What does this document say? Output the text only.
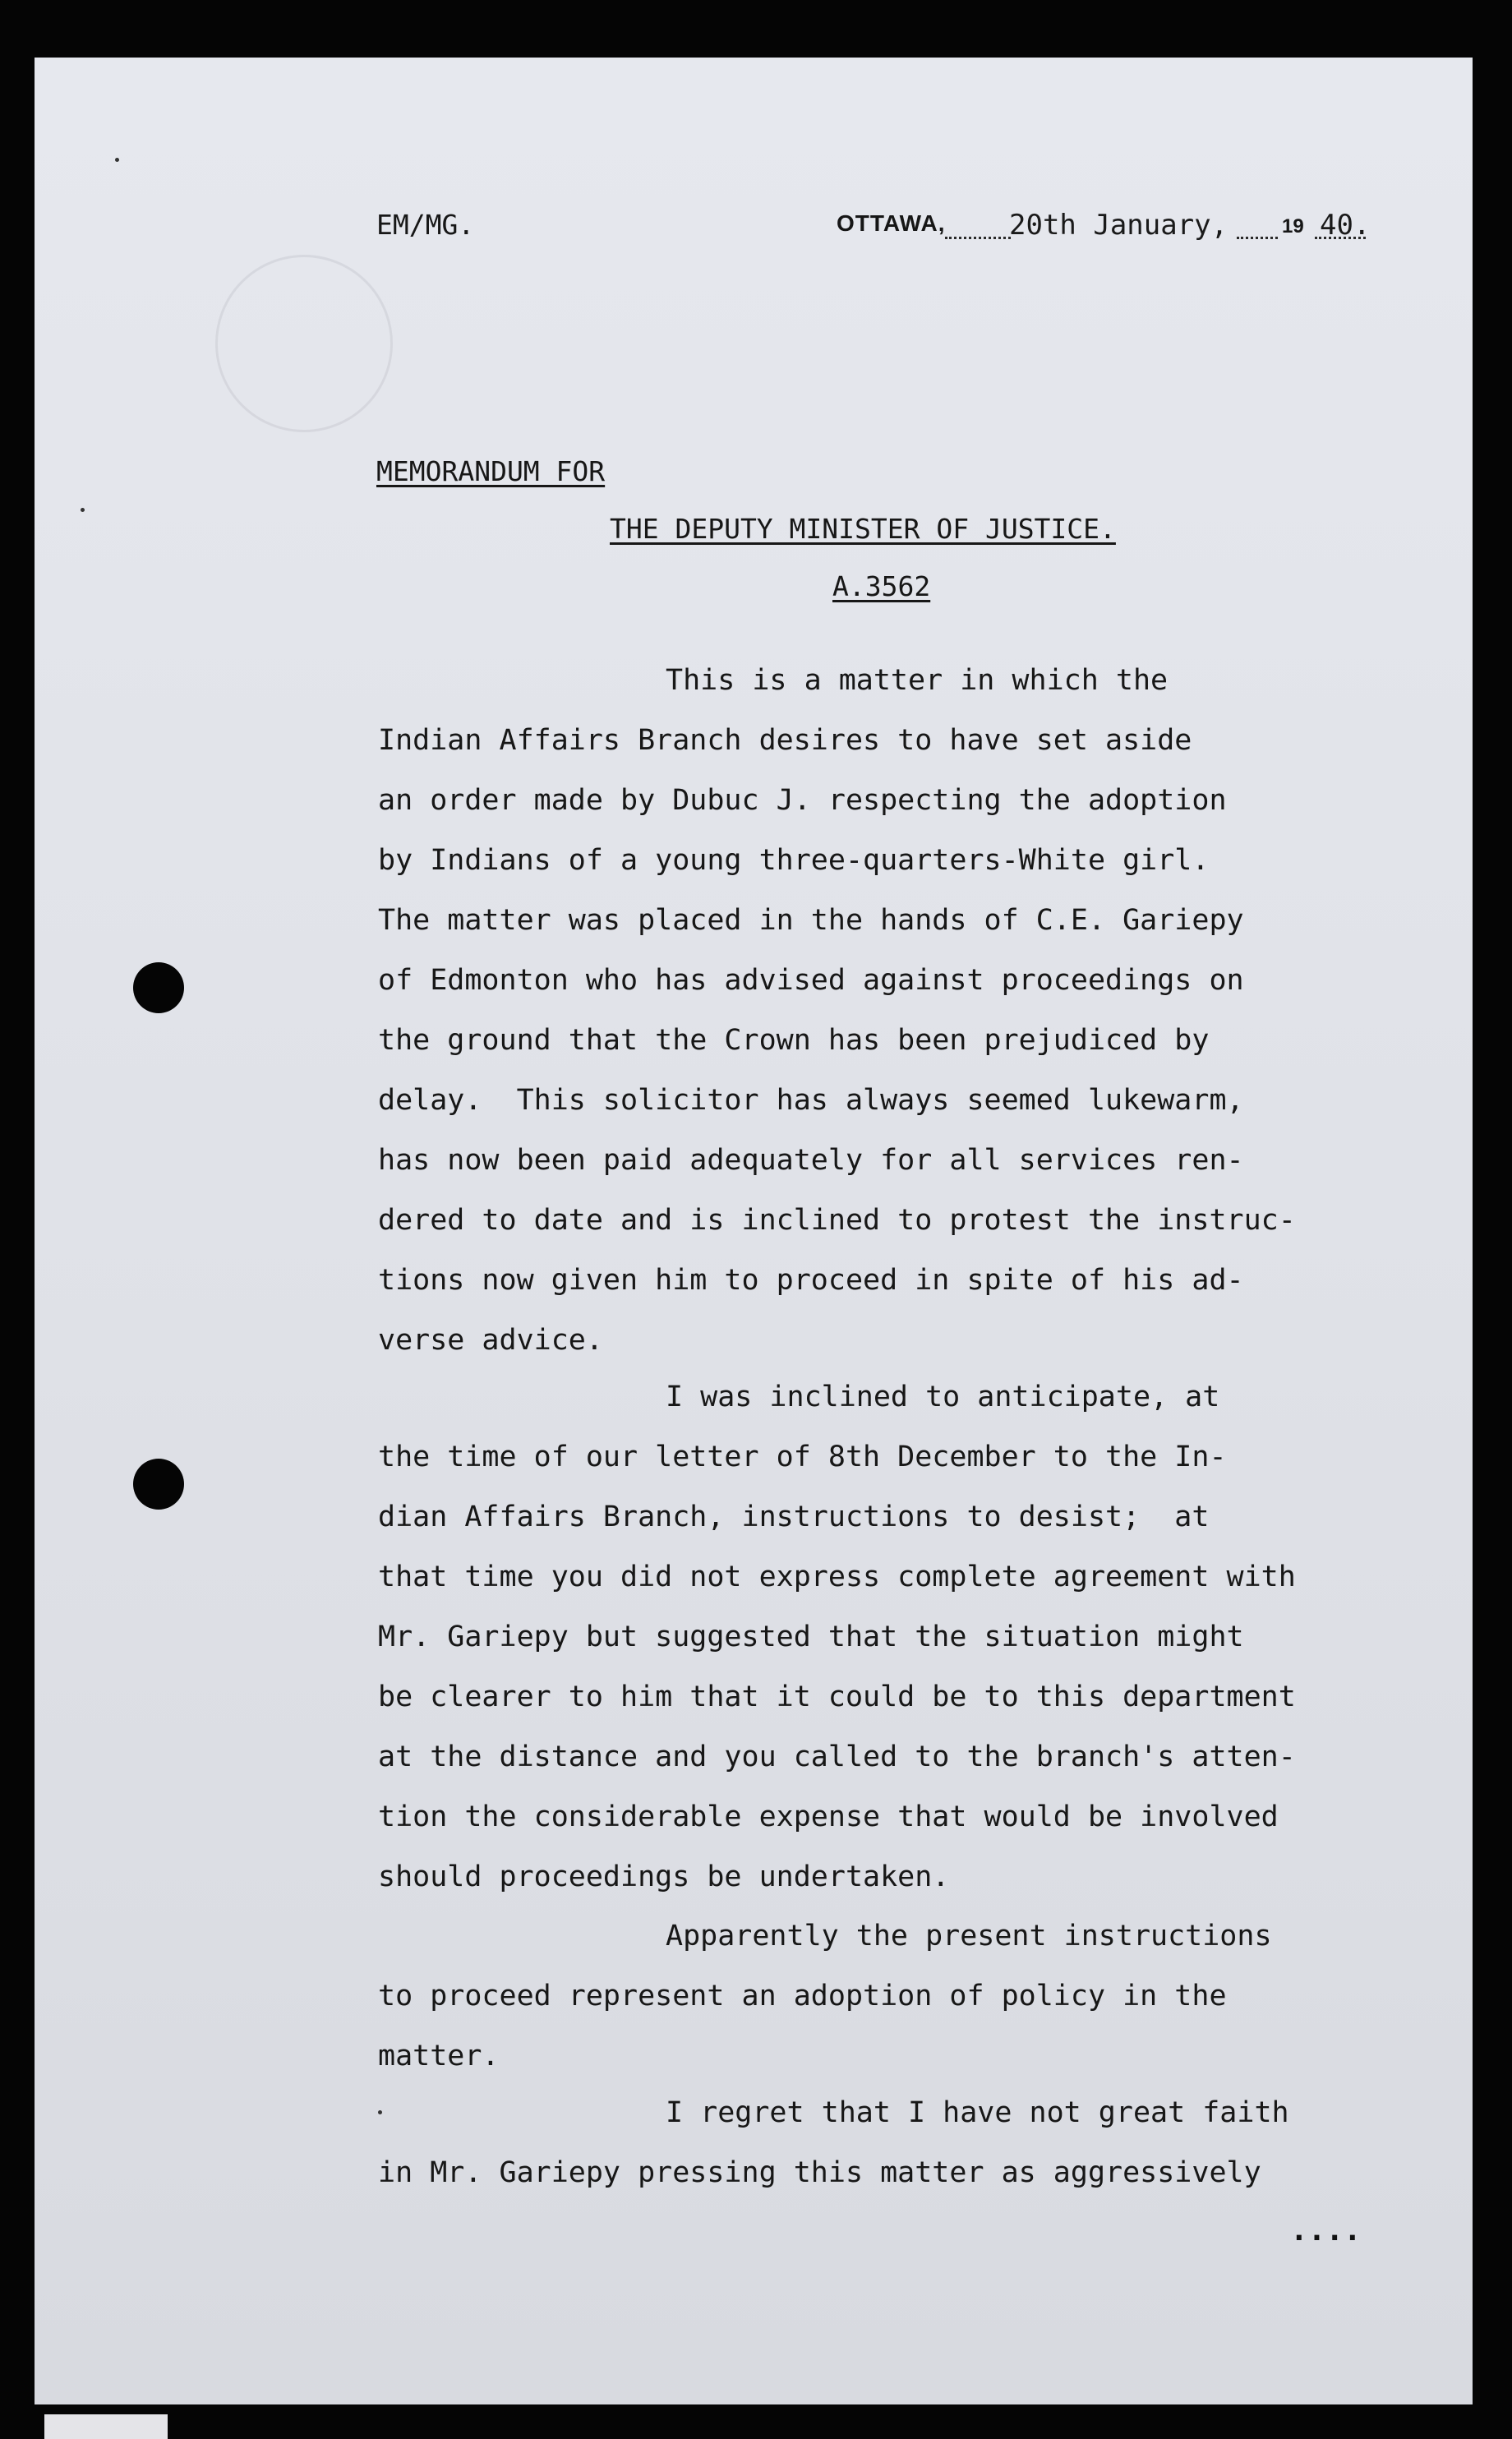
EM/MG.	OTTAWA, 20th January,	19 40.
MEMORANDUM FOR
THE DEPUTY MINISTER OF JUSTICE.
A.3562

This is a matter in which the

Indian Affairs Branch desires to have set aside

an order made by Dubuc J. respecting the adoption

by Indians of a young three-quarters-White girl.

The matter was placed in the hands of C.E. Gariepy

of Edmonton who has advised against proceedings on

the ground that the Crown has been prejudiced by

delay.  This solicitor has always seemed lukewarm,

has now been paid adequately for all services ren-

dered to date and is inclined to protest the instruc-

tions now given him to proceed in spite of his ad-

verse advice.

I was inclined to anticipate, at

the time of our letter of 8th December to the In-

dian Affairs Branch, instructions to desist;  at

that time you did not express complete agreement with

Mr. Gariepy but suggested that the situation might

be clearer to him that it could be to this department

at the distance and you called to the branch's atten-

tion the considerable expense that would be involved

should proceedings be undertaken.

Apparently the present instructions

to proceed represent an adoption of policy in the

matter.

I regret that I have not great faith

in Mr. Gariepy pressing this matter as aggressively

....
